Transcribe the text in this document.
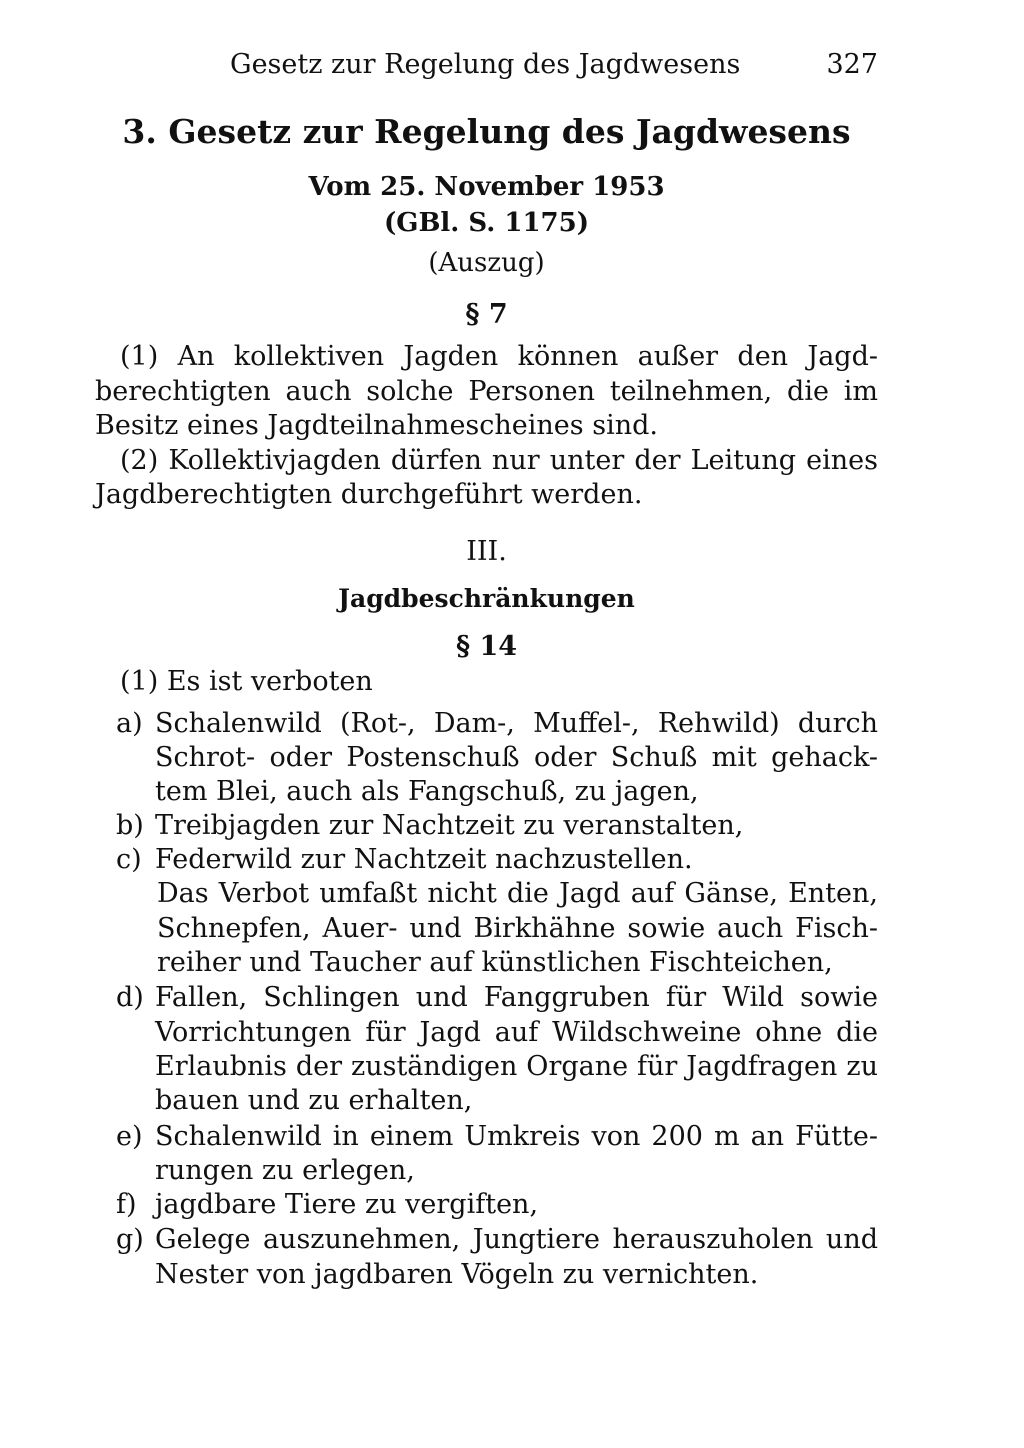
Gesetz zur Regelung des Jagdwesens	327
3. Gesetz zur Regelung des Jagdwesens
Vom 25. November 1953
(GBl. S. 1175)
(Auszug)
§ 7
(1) An kollektiven Jagden können außer den Jagd-
berechtigten auch solche Personen teilnehmen, die im
Besitz eines Jagdteilnahmescheines sind.
(2) Kollektivjagden dürfen nur unter der Leitung eines
Jagdberechtigten durchgeführt werden.
III.
Jagdbeschränkungen
§ 14
(1) Es ist verboten
a)
b)
c)
d)
e)
f)
g)
Schalenwild (Rot-, Dam-, Muffel-, Rehwild) durch
Schrot- oder Postenschuß oder Schuß mit gehack-
tem Blei, auch als Fangschuß, zu jagen,
Treibjagden zur Nachtzeit zu veranstalten,
Federwild zur Nachtzeit nachzustellen.
Das Verbot umfaßt nicht die Jagd auf Gänse, Enten,
Schnepfen, Auer- und Birkhähne sowie auch Fisch-
reiher und Taucher auf künstlichen Fischteichen,
Fallen, Schlingen und Fanggruben für Wild sowie
Vorrichtungen für Jagd auf Wildschweine ohne die
Erlaubnis der zuständigen Organe für Jagdfragen zu
bauen und zu erhalten,
Schalenwild in einem Umkreis von 200 m an Fütte-
rungen zu erlegen,
jagdbare Tiere zu vergiften,
Gelege auszunehmen, Jungtiere herauszuholen und
Nester von jagdbaren Vögeln zu vernichten.
